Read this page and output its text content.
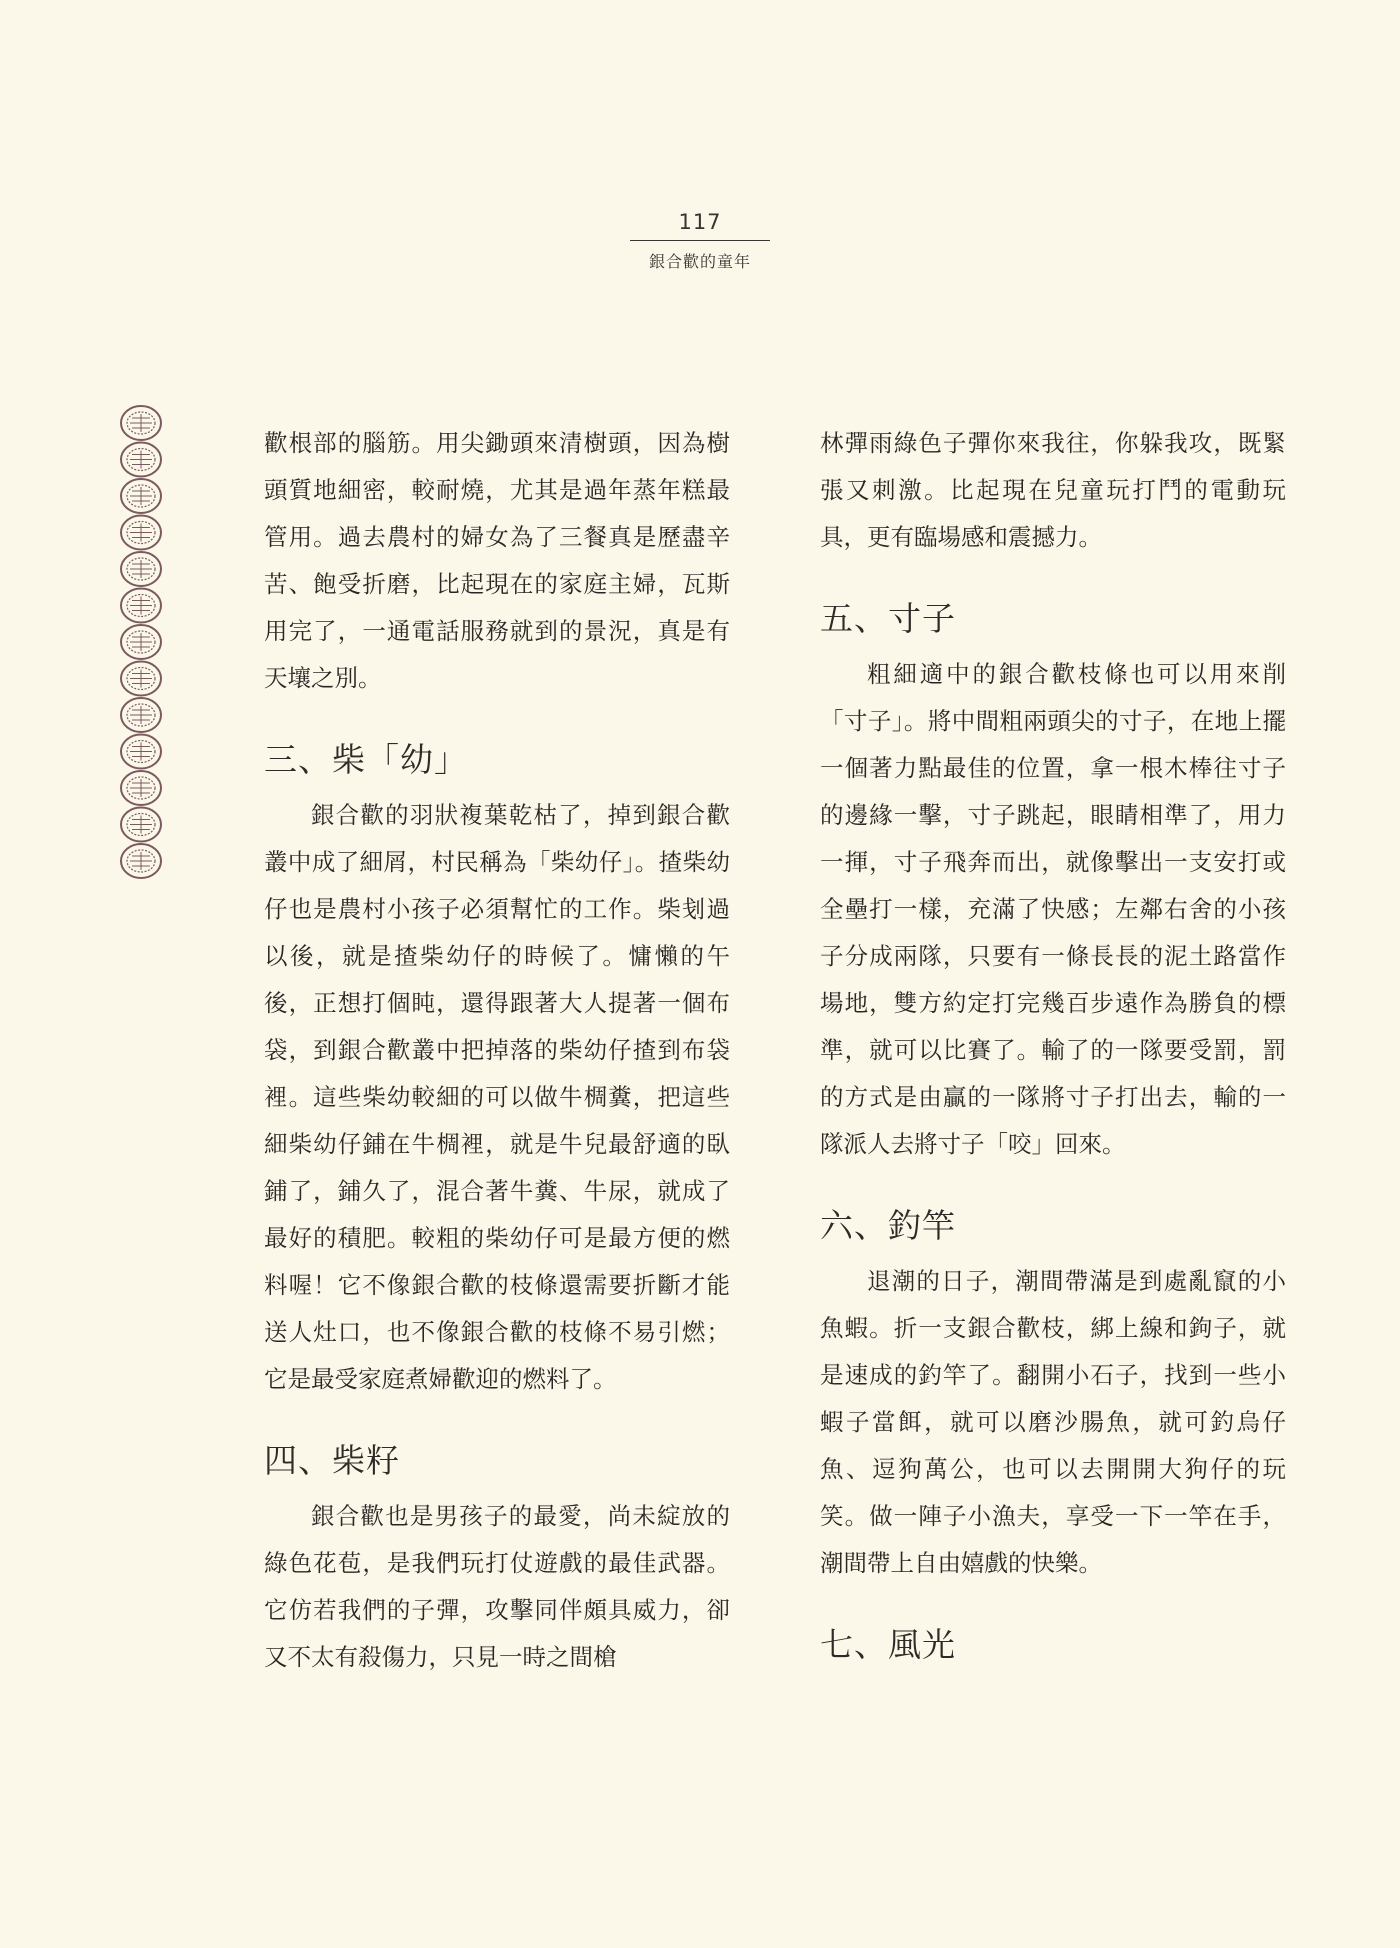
117
銀合歡的童年

歡根部的腦筋。用尖鋤頭來清樹頭，因為樹頭質地細密，較耐燒，尤其是過年蒸年糕最管用。過去農村的婦女為了三餐真是歷盡辛苦、飽受折磨，比起現在的家庭主婦，瓦斯用完了，一通電話服務就到的景況，真是有天壤之別。

三、柴「幼」

銀合歡的羽狀複葉乾枯了，掉到銀合歡叢中成了細屑，村民稱為「柴幼仔」。揸柴幼仔也是農村小孩子必須幫忙的工作。柴刬過以後，就是揸柴幼仔的時候了。慵懶的午後，正想打個盹，還得跟著大人提著一個布袋，到銀合歡叢中把掉落的柴幼仔揸到布袋裡。這些柴幼較細的可以做牛椆糞，把這些細柴幼仔鋪在牛椆裡，就是牛兒最舒適的臥鋪了，鋪久了，混合著牛糞、牛尿，就成了最好的積肥。較粗的柴幼仔可是最方便的燃料喔！它不像銀合歡的枝條還需要折斷才能送人灶口，也不像銀合歡的枝條不易引燃；它是最受家庭煮婦歡迎的燃料了。

四、柴籽

銀合歡也是男孩子的最愛，尚未綻放的綠色花苞，是我們玩打仗遊戲的最佳武器。它仿若我們的子彈，攻擊同伴頗具威力，卻又不太有殺傷力，只見一時之間槍

林彈雨綠色子彈你來我往，你躲我攻，既緊張又刺激。比起現在兒童玩打鬥的電動玩具，更有臨場感和震撼力。

五、寸子

粗細適中的銀合歡枝條也可以用來削「寸子」。將中間粗兩頭尖的寸子，在地上擺一個著力點最佳的位置，拿一根木棒往寸子的邊緣一擊，寸子跳起，眼睛相準了，用力一揮，寸子飛奔而出，就像擊出一支安打或全壘打一樣，充滿了快感；左鄰右舍的小孩子分成兩隊，只要有一條長長的泥土路當作場地，雙方約定打完幾百步遠作為勝負的標準，就可以比賽了。輸了的一隊要受罰，罰的方式是由贏的一隊將寸子打出去，輸的一隊派人去將寸子「咬」回來。

六、釣竿

退潮的日子，潮間帶滿是到處亂竄的小魚蝦。折一支銀合歡枝，綁上線和鉤子，就是速成的釣竿了。翻開小石子，找到一些小蝦子當餌，就可以磨沙腸魚，就可釣烏仔魚、逗狗萬公，也可以去開開大狗仔的玩笑。做一陣子小漁夫，享受一下一竿在手，潮間帶上自由嬉戲的快樂。

七、風光
